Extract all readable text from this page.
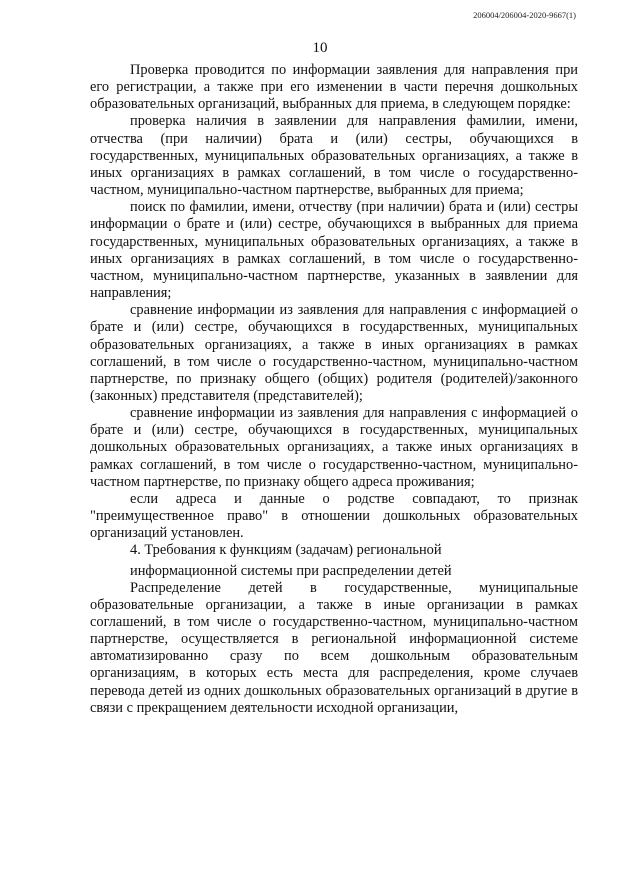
206004/206004-2020-9667(1)
10

Проверка проводится по информации заявления для направления при его регистрации, а также при его изменении в части перечня дошкольных образовательных организаций, выбранных для приема, в следующем порядке:

проверка наличия в заявлении для направления фамилии, имени, отчества (при наличии) брата и (или) сестры, обучающихся в государственных, муниципальных образовательных организациях, а также в иных организациях в рамках соглашений, в том числе о государственно-частном, муниципально-частном партнерстве, выбранных для приема;

поиск по фамилии, имени, отчеству (при наличии) брата и (или) сестры информации о брате и (или) сестре, обучающихся в выбранных для приема государственных, муниципальных образовательных организациях, а также в иных организациях в рамках соглашений, в том числе о государственно-частном, муниципально-частном партнерстве, указанных в заявлении для направления;

сравнение информации из заявления для направления с информацией о брате и (или) сестре, обучающихся в государственных, муниципальных образовательных организациях, а также в иных организациях в рамках соглашений, в том числе о государственно-частном, муниципально-частном партнерстве, по признаку общего (общих) родителя (родителей)/законного (законных) представителя (представителей);

сравнение информации из заявления для направления с информацией о брате и (или) сестре, обучающихся в государственных, муниципальных дошкольных образовательных организациях, а также иных организациях в рамках соглашений, в том числе о государственно-частном, муниципально-частном партнерстве, по признаку общего адреса проживания;

если адреса и данные о родстве совпадают, то признак "преимущественное право" в отношении дошкольных образовательных организаций установлен.

4. Требования к функциям (задачам) региональной
информационной системы при распределении детей

Распределение детей в государственные, муниципальные образовательные организации, а также в иные организации в рамках соглашений, в том числе о государственно-частном, муниципально-частном партнерстве, осуществляется в региональной информационной системе автоматизированно сразу по всем дошкольным образовательным организациям, в которых есть места для распределения, кроме случаев перевода детей из одних дошкольных образовательных организаций в другие в связи с прекращением деятельности исходной организации,
